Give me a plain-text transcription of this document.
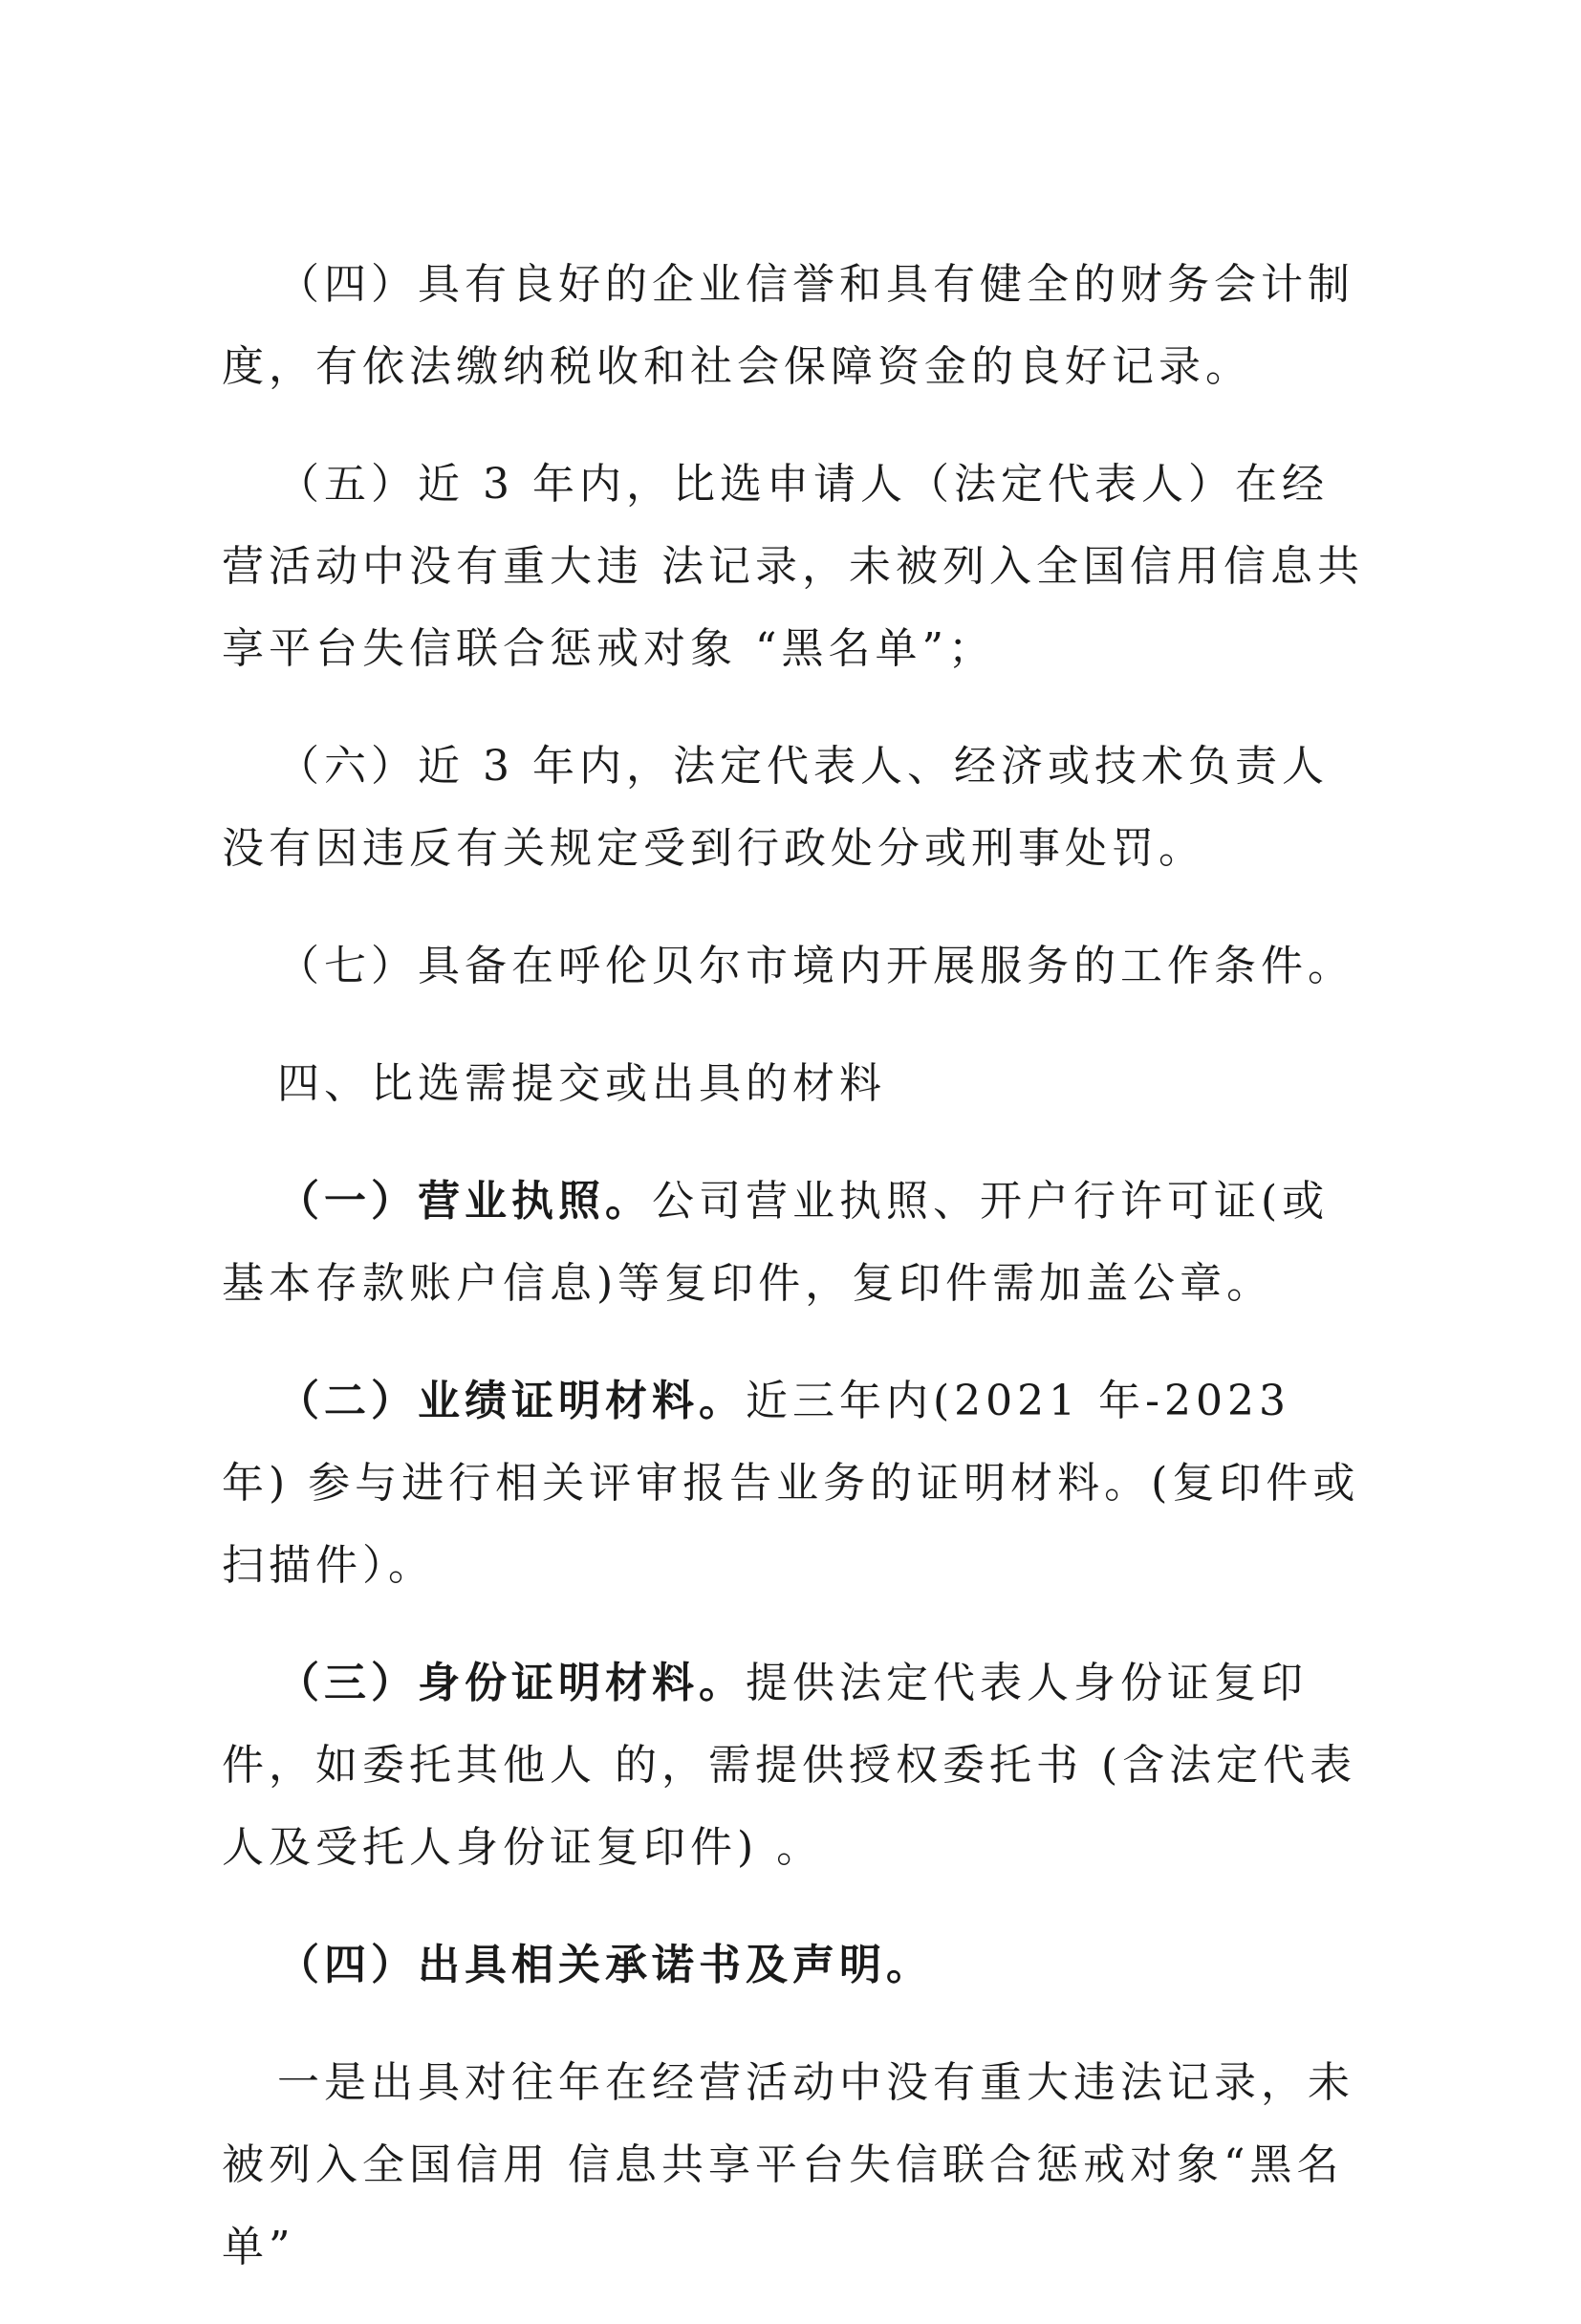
（四）具有良好的企业信誉和具有健全的财务会计制度，有依法缴纳税收和社会保障资金的良好记录。

（五）近 3 年内，比选申请人（法定代表人）在经营活动中没有重大违 法记录，未被列入全国信用信息共享平台失信联合惩戒对象 “黑名单”；

（六）近 3 年内，法定代表人、经济或技术负责人没有因违反有关规定受到行政处分或刑事处罚。

（七）具备在呼伦贝尔市境内开展服务的工作条件。

四、比选需提交或出具的材料

（一）营业执照。公司营业执照、开户行许可证(或基本存款账户信息)等复印件，复印件需加盖公章。

（二）业绩证明材料。近三年内(2021 年-2023 年) 参与进行相关评审报告业务的证明材料。(复印件或扫描件）。

（三）身份证明材料。提供法定代表人身份证复印件，如委托其他人 的，需提供授权委托书 (含法定代表人及受托人身份证复印件) 。

（四）出具相关承诺书及声明。

一是出具对往年在经营活动中没有重大违法记录，未被列入全国信用 信息共享平台失信联合惩戒对象“黑名单”
